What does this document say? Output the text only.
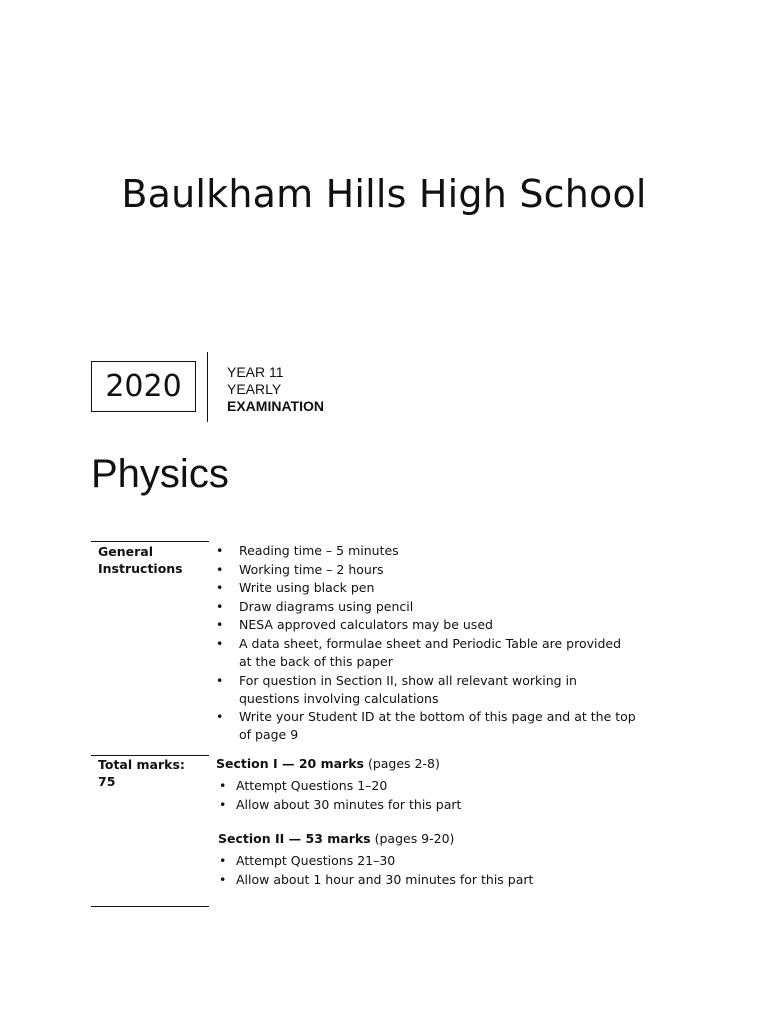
Baulkham Hills High School
2020	YEAR 11
YEARLY
EXAMINATION
Physics
General
Instructions
• Reading time – 5 minutes
• Working time – 2 hours
• Write using black pen
• Draw diagrams using pencil
• NESA approved calculators may be used
• A data sheet, formulae sheet and Periodic Table are provided at the back of this paper
• For question in Section II, show all relevant working in questions involving calculations
• Write your Student ID at the bottom of this page and at the top of page 9
Total marks:
75
Section I — 20 marks (pages 2-8)
• Attempt Questions 1–20
• Allow about 30 minutes for this part
Section II — 53 marks (pages 9-20)
• Attempt Questions 21–30
• Allow about 1 hour and 30 minutes for this part
